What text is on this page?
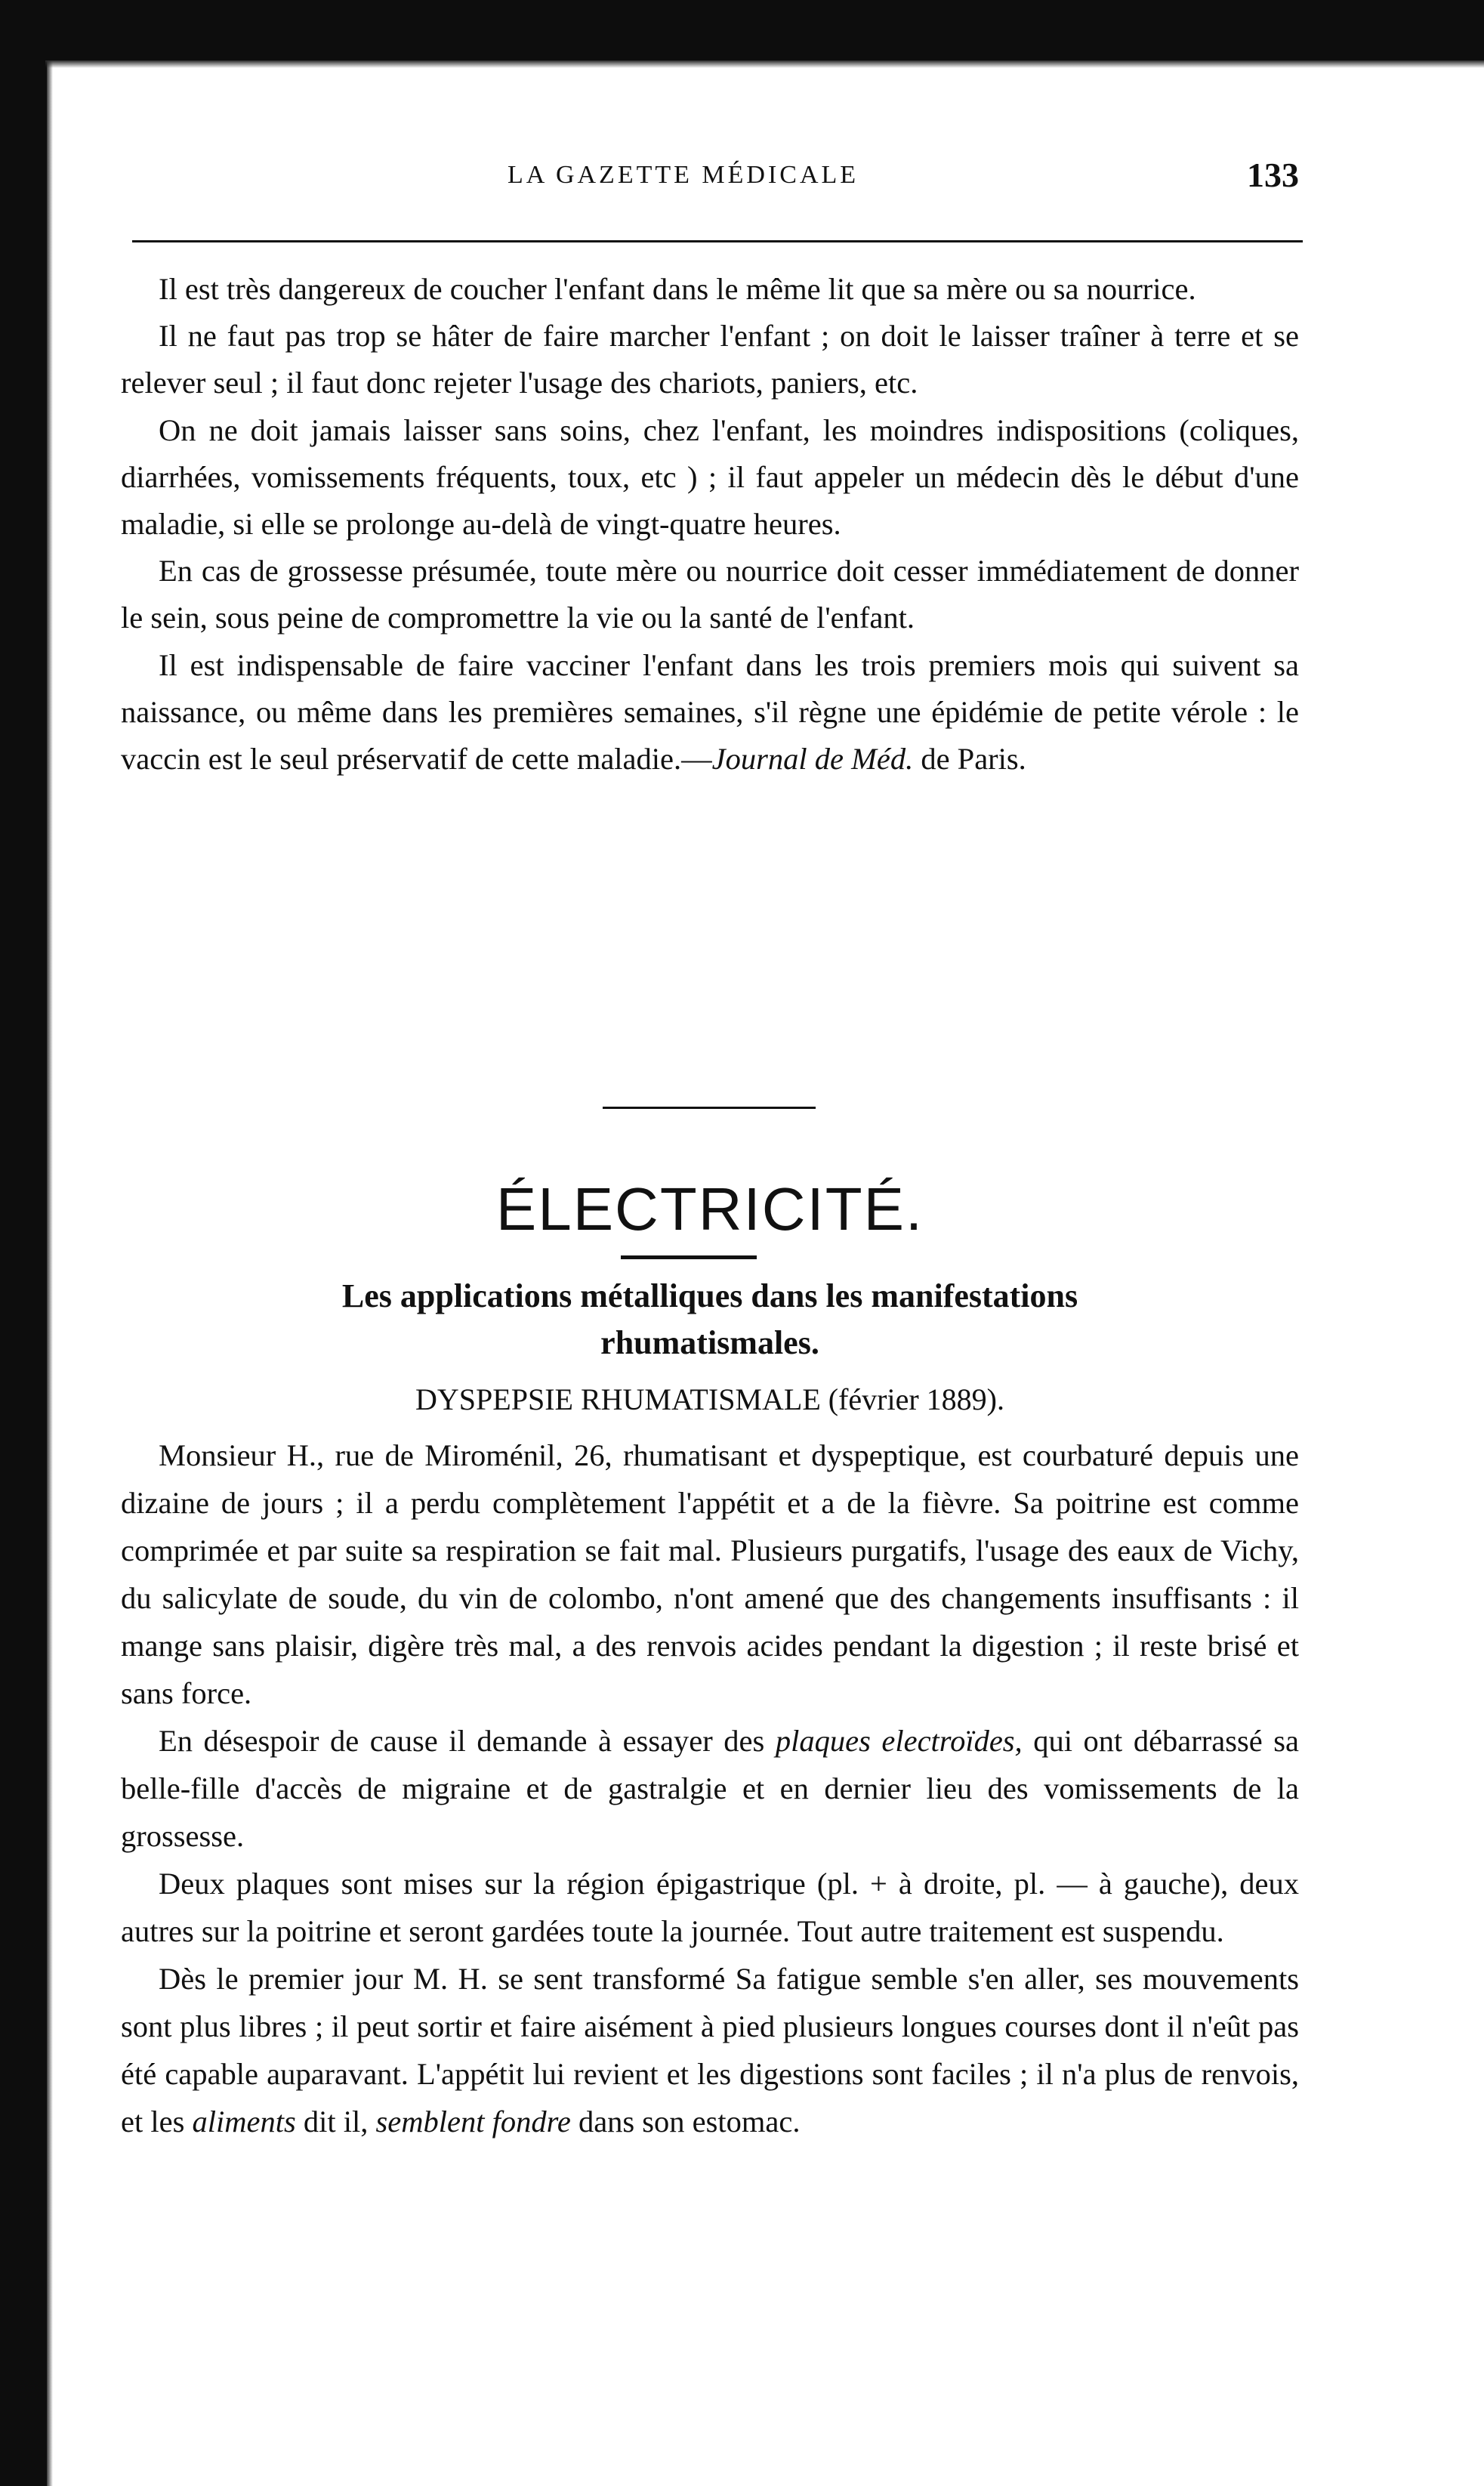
LA GAZETTE MÉDICALE	133

Il est très dangereux de coucher l'enfant dans le même lit que sa mère ou sa nourrice.

Il ne faut pas trop se hâter de faire marcher l'enfant ; on doit le laisser traîner à terre et se relever seul ; il faut donc rejeter l'usage des chariots, paniers, etc.

On ne doit jamais laisser sans soins, chez l'enfant, les moindres indispositions (coliques, diarrhées, vomissements fréquents, toux, etc ) ; il faut appeler un médecin dès le début d'une maladie, si elle se prolonge au-delà de vingt-quatre heures.

En cas de grossesse présumée, toute mère ou nourrice doit cesser immédiatement de donner le sein, sous peine de compromettre la vie ou la santé de l'enfant.

Il est indispensable de faire vacciner l'enfant dans les trois premiers mois qui suivent sa naissance, ou même dans les premières semaines, s'il règne une épidémie de petite vérole : le vaccin est le seul préservatif de cette maladie.—Journal de Méd. de Paris.

ÉLECTRICITÉ.
Les applications métalliques dans les manifestations
rhumatismales.
DYSPEPSIE RHUMATISMALE (février 1889).

Monsieur H., rue de Miroménil, 26, rhumatisant et dyspeptique, est courbaturé depuis une dizaine de jours ; il a perdu complètement l'appétit et a de la fièvre. Sa poitrine est comme comprimée et par suite sa respiration se fait mal. Plusieurs purgatifs, l'usage des eaux de Vichy, du salicylate de soude, du vin de colombo, n'ont amené que des changements insuffisants : il mange sans plaisir, digère très mal, a des renvois acides pendant la digestion ; il reste brisé et sans force.

En désespoir de cause il demande à essayer des plaques electroïdes, qui ont débarrassé sa belle-fille d'accès de migraine et de gastralgie et en dernier lieu des vomissements de la grossesse.

Deux plaques sont mises sur la région épigastrique (pl. + à droite, pl. — à gauche), deux autres sur la poitrine et seront gardées toute la journée. Tout autre traitement est suspendu.

Dès le premier jour M. H. se sent transformé Sa fatigue semble s'en aller, ses mouvements sont plus libres ; il peut sortir et faire aisément à pied plusieurs longues courses dont il n'eût pas été capable auparavant. L'appétit lui revient et les digestions sont faciles ; il n'a plus de renvois, et les aliments dit il, semblent fondre dans son estomac.
